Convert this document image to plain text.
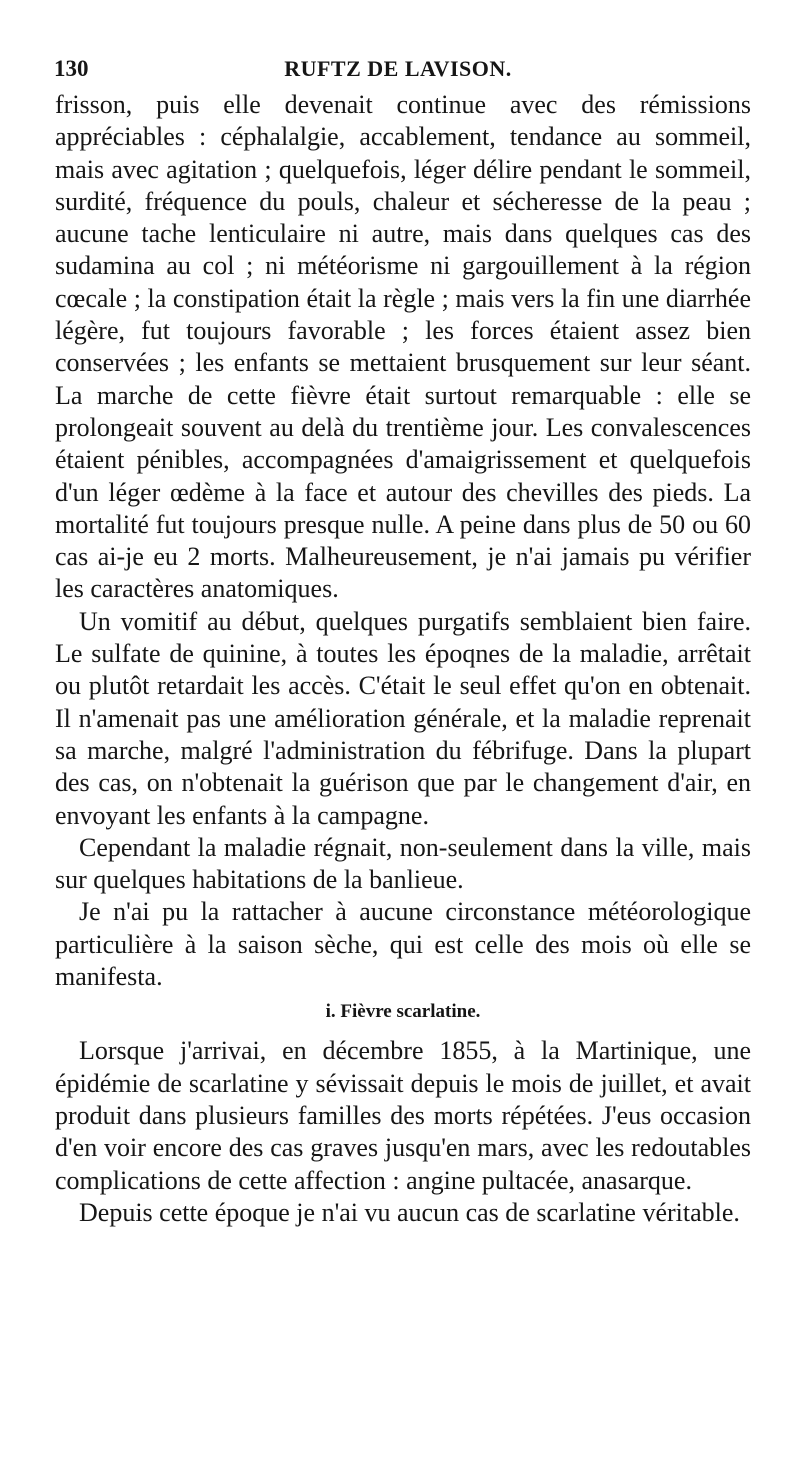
130	RUFTZ DE LAVISON.

frisson, puis elle devenait continue avec des rémissions appréciables : céphalalgie, accablement, tendance au sommeil, mais avec agitation ; quelquefois, léger délire pendant le sommeil, surdité, fréquence du pouls, chaleur et sécheresse de la peau ; aucune tache lenticulaire ni autre, mais dans quelques cas des sudamina au col ; ni météorisme ni gargouillement à la région cœcale ; la constipation était la règle ; mais vers la fin une diarrhée légère, fut toujours favorable ; les forces étaient assez bien conservées ; les enfants se mettaient brusquement sur leur séant. La marche de cette fièvre était surtout remarquable : elle se prolongeait souvent au delà du trentième jour. Les convalescences étaient pénibles, accompagnées d'amaigrissement et quelquefois d'un léger œdème à la face et autour des chevilles des pieds. La mortalité fut toujours presque nulle. A peine dans plus de 50 ou 60 cas ai-je eu 2 morts. Malheureusement, je n'ai jamais pu vérifier les caractères anatomiques.

Un vomitif au début, quelques purgatifs semblaient bien faire. Le sulfate de quinine, à toutes les époqnes de la maladie, arrêtait ou plutôt retardait les accès. C'était le seul effet qu'on en obtenait. Il n'amenait pas une amélioration générale, et la maladie reprenait sa marche, malgré l'administration du fébrifuge. Dans la plupart des cas, on n'obtenait la guérison que par le changement d'air, en envoyant les enfants à la campagne.

Cependant la maladie régnait, non-seulement dans la ville, mais sur quelques habitations de la banlieue.

Je n'ai pu la rattacher à aucune circonstance météorologique particulière à la saison sèche, qui est celle des mois où elle se manifesta.

i. Fièvre scarlatine.

Lorsque j'arrivai, en décembre 1855, à la Martinique, une épidémie de scarlatine y sévissait depuis le mois de juillet, et avait produit dans plusieurs familles des morts répétées. J'eus occasion d'en voir encore des cas graves jusqu'en mars, avec les redoutables complications de cette affection : angine pultacée, anasarque.

Depuis cette époque je n'ai vu aucun cas de scarlatine véritable.
